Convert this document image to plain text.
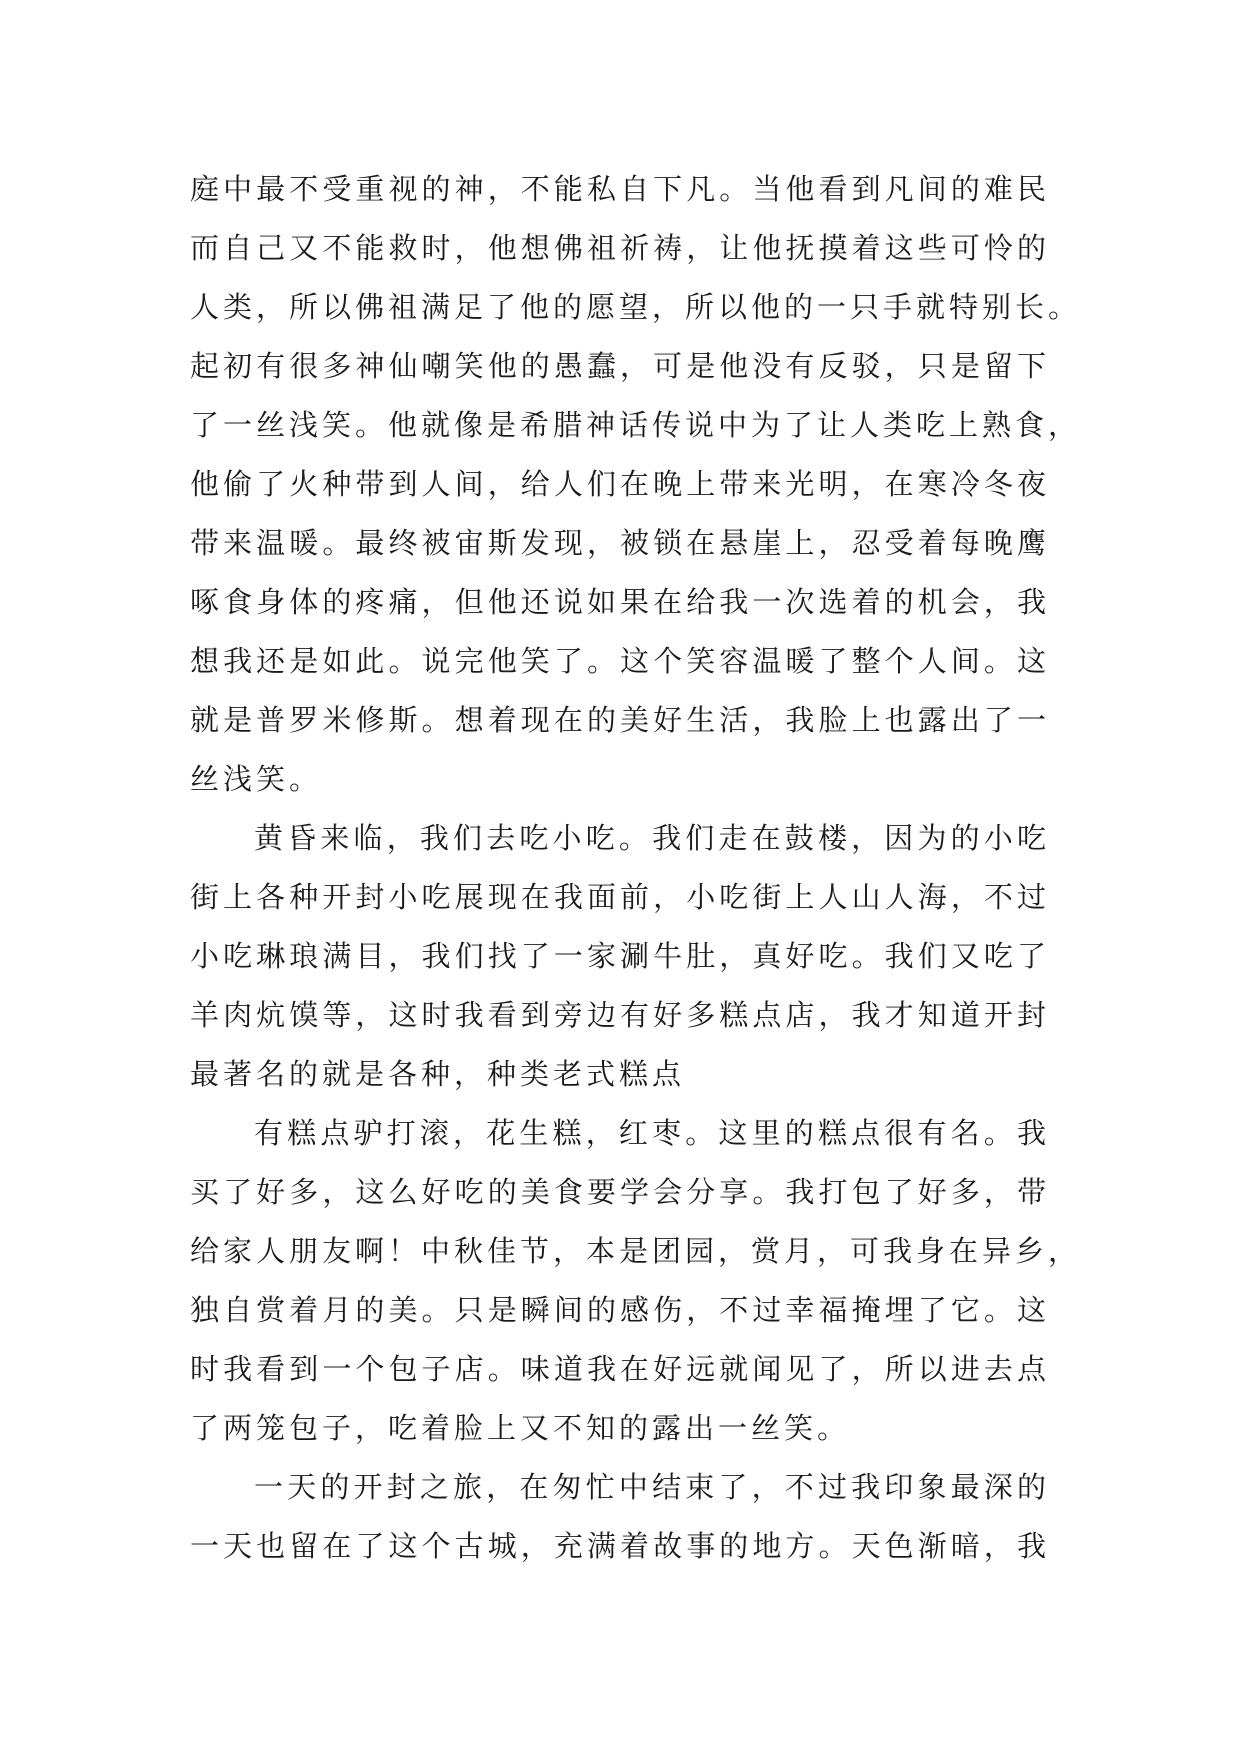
庭中最不受重视的神，不能私自下凡。当他看到凡间的难民
而自己又不能救时，他想佛祖祈祷，让他抚摸着这些可怜的
人类，所以佛祖满足了他的愿望，所以他的一只手就特别长。
起初有很多神仙嘲笑他的愚蠢，可是他没有反驳，只是留下
了一丝浅笑。他就像是希腊神话传说中为了让人类吃上熟食，
他偷了火种带到人间，给人们在晚上带来光明，在寒冷冬夜
带来温暖。最终被宙斯发现，被锁在悬崖上，忍受着每晚鹰
啄食身体的疼痛，但他还说如果在给我一次选着的机会，我
想我还是如此。说完他笑了。这个笑容温暖了整个人间。这
就是普罗米修斯。想着现在的美好生活，我脸上也露出了一
丝浅笑。
黄昏来临，我们去吃小吃。我们走在鼓楼，因为的小吃
街上各种开封小吃展现在我面前，小吃街上人山人海，不过
小吃琳琅满目，我们找了一家涮牛肚，真好吃。我们又吃了
羊肉炕馍等，这时我看到旁边有好多糕点店，我才知道开封
最著名的就是各种，种类老式糕点
有糕点驴打滚，花生糕，红枣。这里的糕点很有名。我
买了好多，这么好吃的美食要学会分享。我打包了好多，带
给家人朋友啊！中秋佳节，本是团园，赏月，可我身在异乡，
独自赏着月的美。只是瞬间的感伤，不过幸福掩埋了它。这
时我看到一个包子店。味道我在好远就闻见了，所以进去点
了两笼包子，吃着脸上又不知的露出一丝笑。
一天的开封之旅，在匆忙中结束了，不过我印象最深的
一天也留在了这个古城，充满着故事的地方。天色渐暗，我
